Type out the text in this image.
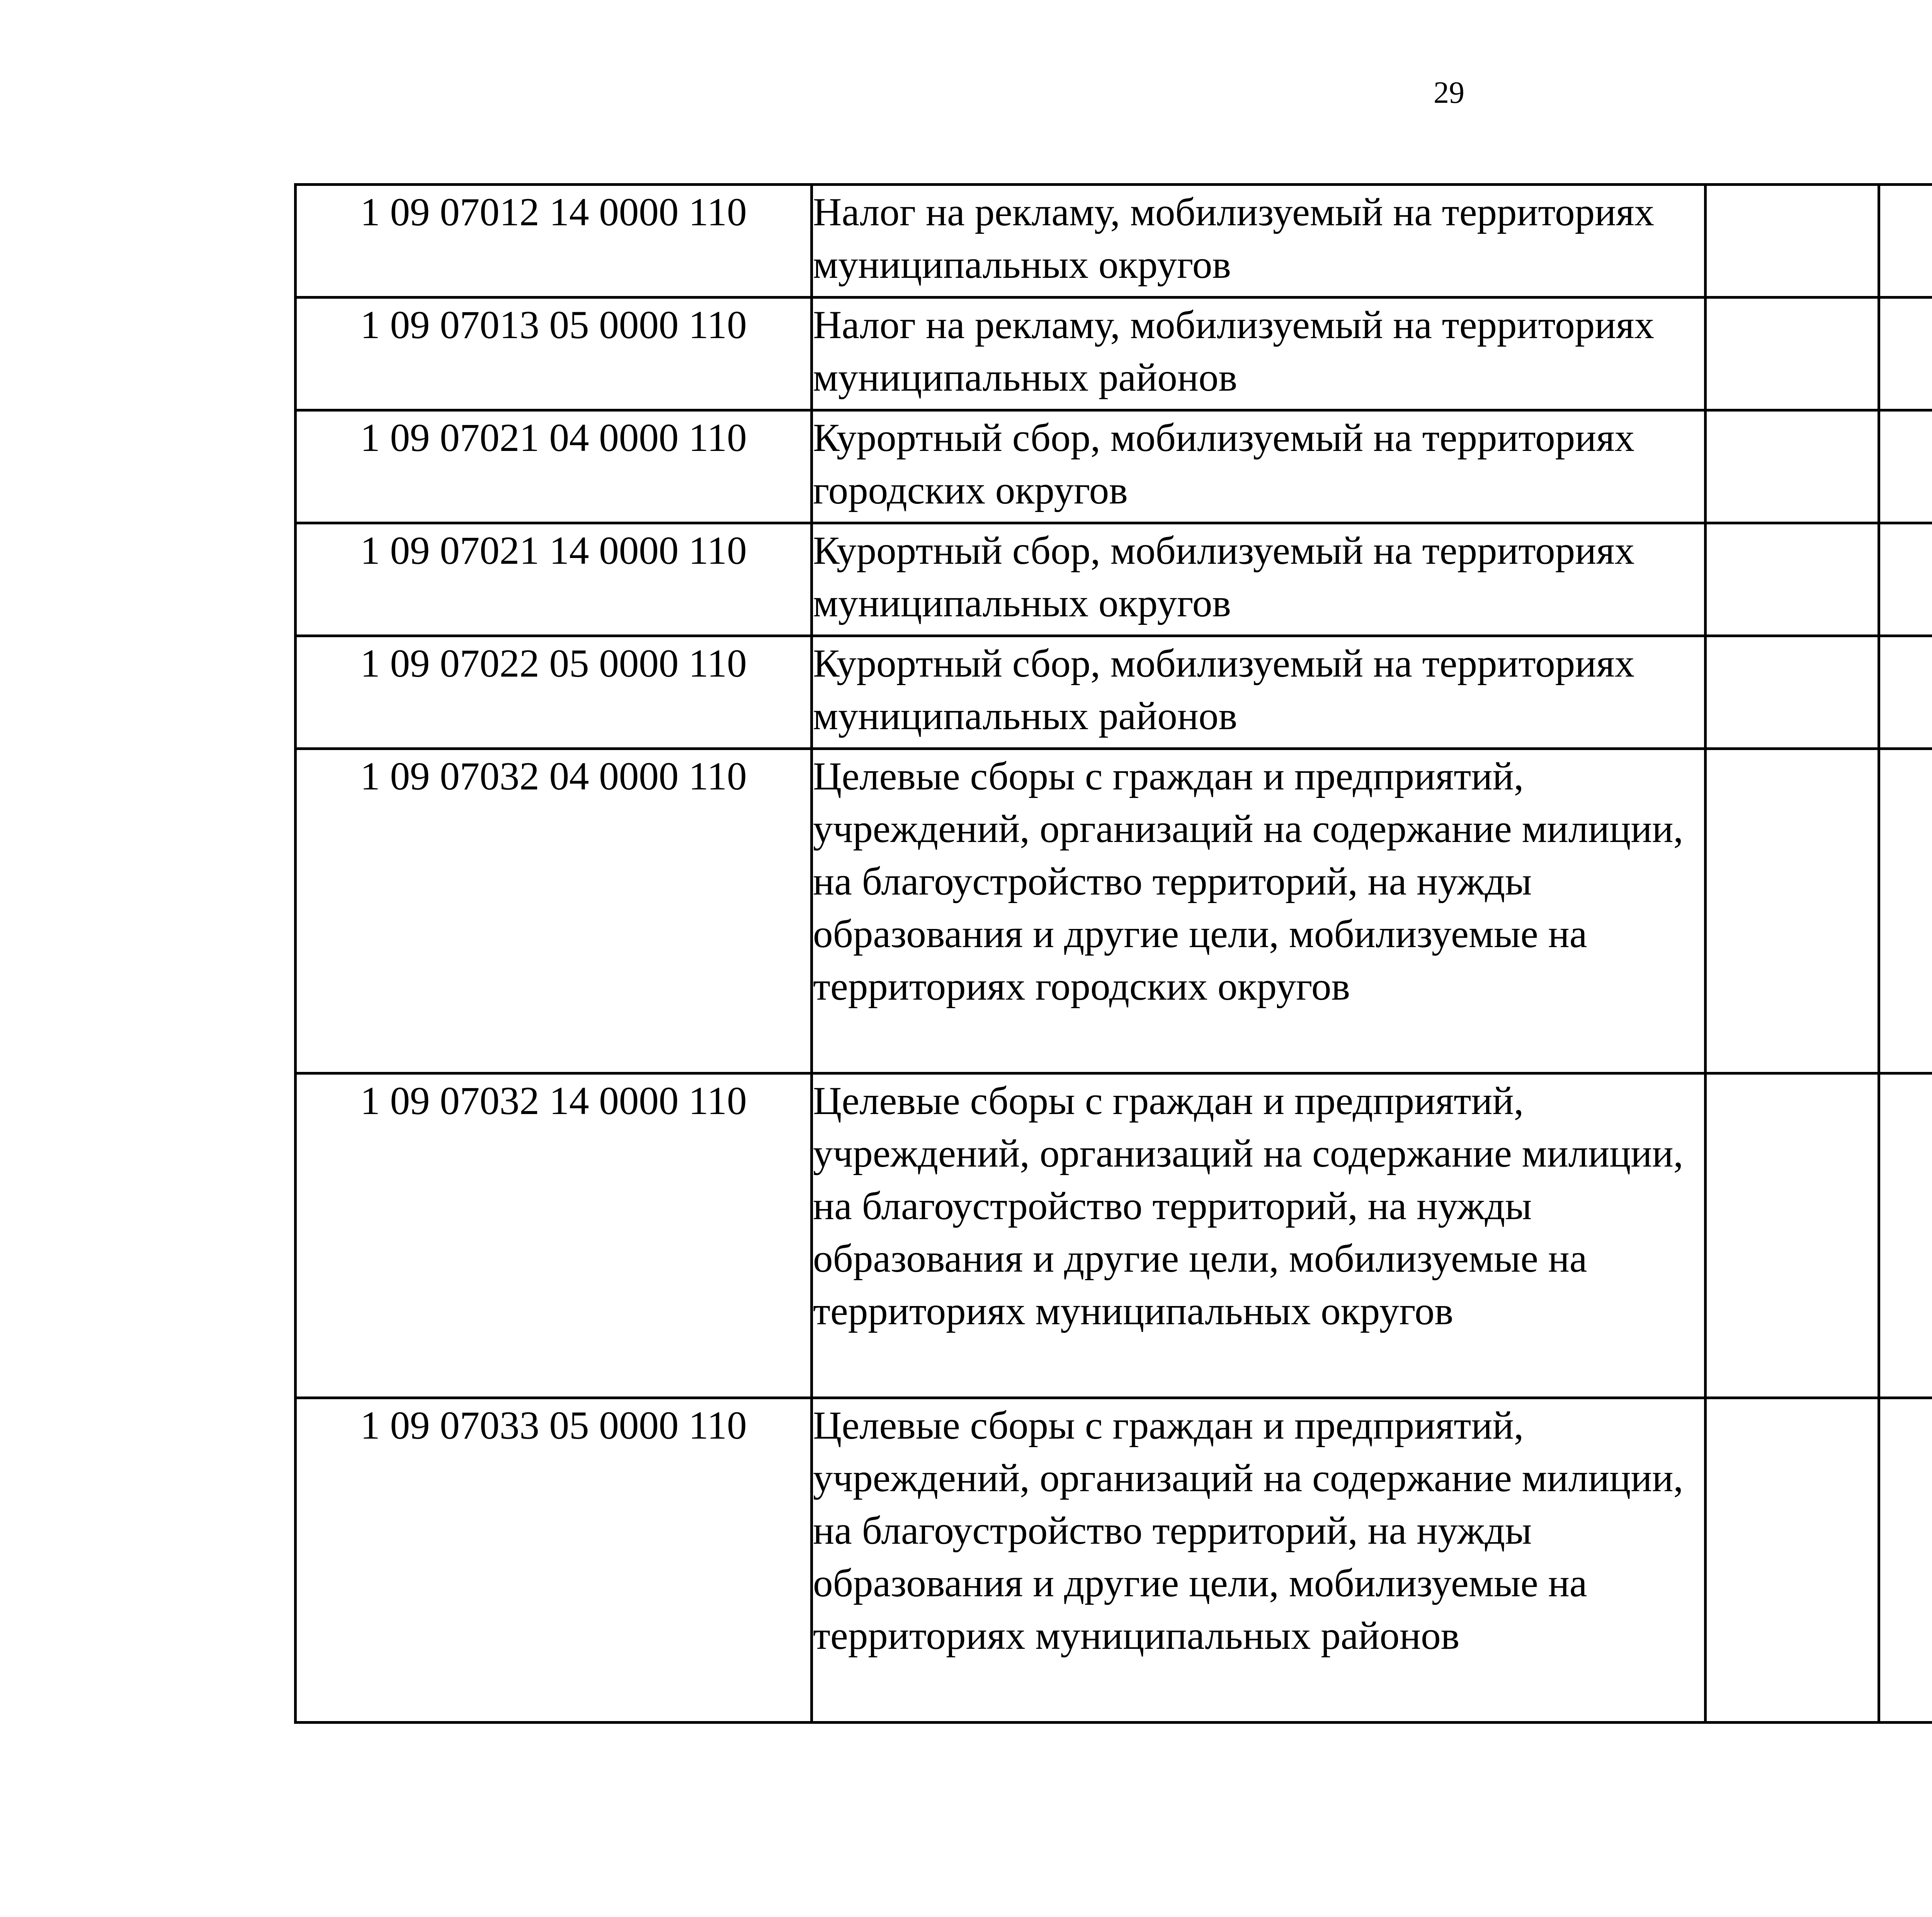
29
1 09 07012 14 0000 110	Налог на рекламу, мобилизуемый на территориях муниципальных округов					
1 09 07013 05 0000 110	Налог на рекламу, мобилизуемый на территориях муниципальных районов					
1 09 07021 04 0000 110	Курортный сбор, мобилизуемый на территориях городских округов					
1 09 07021 14 0000 110	Курортный сбор, мобилизуемый на территориях муниципальных округов					
1 09 07022 05 0000 110	Курортный сбор, мобилизуемый на территориях муниципальных районов					
1 09 07032 04 0000 110	Целевые сборы с граждан и предприятий, учреждений, организаций на содержание милиции, на благоустройство территорий, на нужды образования и другие цели, мобилизуемые на территориях городских округов					
1 09 07032 14 0000 110	Целевые сборы с граждан и предприятий, учреждений, организаций на содержание милиции, на благоустройство территорий, на нужды образования и другие цели, мобилизуемые на территориях муниципальных округов					
1 09 07033 05 0000 110	Целевые сборы с граждан и предприятий, учреждений, организаций на содержание милиции, на благоустройство территорий, на нужды образования и другие цели, мобилизуемые на территориях муниципальных районов					
